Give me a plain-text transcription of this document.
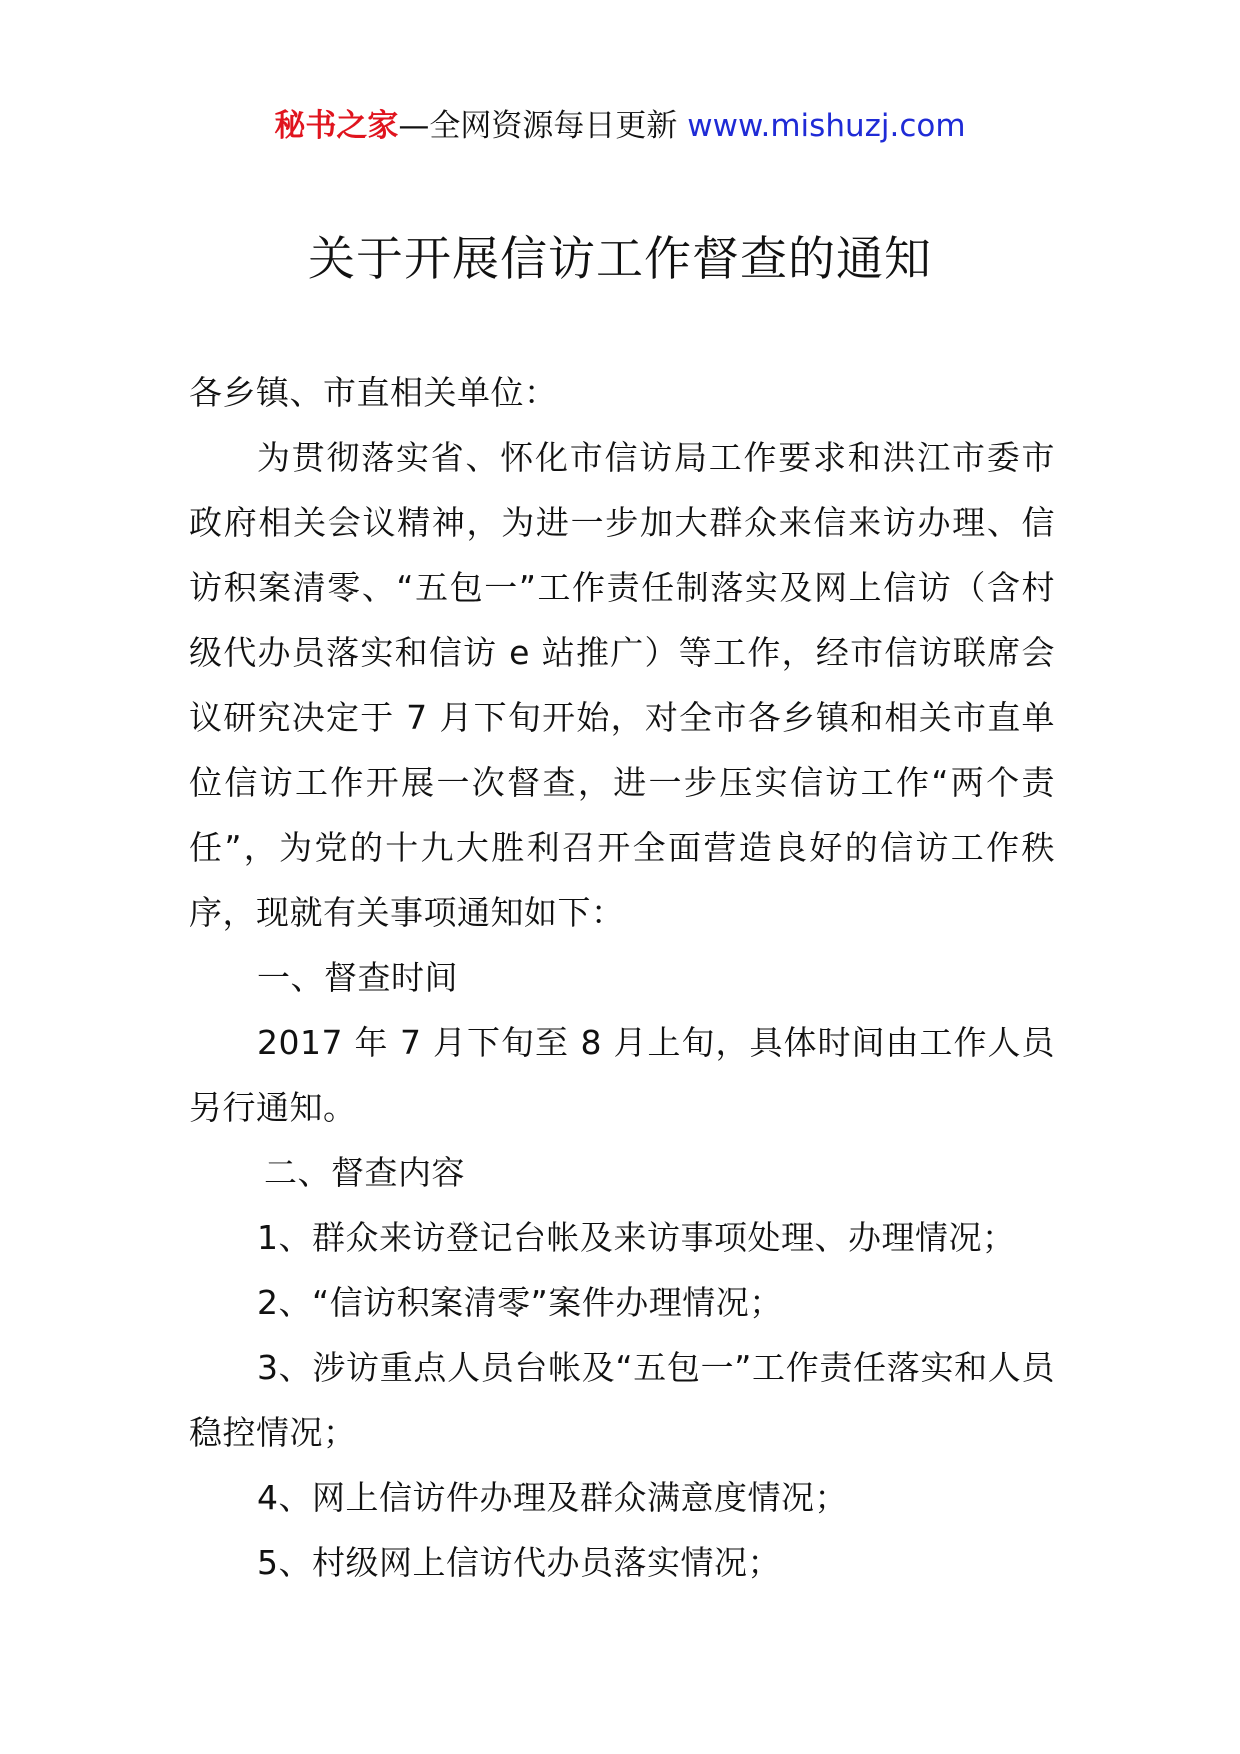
秘书之家—全网资源每日更新 www.mishuzj.com
关于开展信访工作督查的通知

各乡镇、市直相关单位：

为贯彻落实省、怀化市信访局工作要求和洪江市委市政府相关会议精神，为进一步加大群众来信来访办理、信访积案清零、“五包一”工作责任制落实及网上信访（含村级代办员落实和信访 e 站推广）等工作，经市信访联席会议研究决定于 7 月下旬开始，对全市各乡镇和相关市直单位信访工作开展一次督查，进一步压实信访工作“两个责任”，为党的十九大胜利召开全面营造良好的信访工作秩序，现就有关事项通知如下：

一、督查时间

2017 年 7 月下旬至 8 月上旬，具体时间由工作人员另行通知。

二、督查内容

1、群众来访登记台帐及来访事项处理、办理情况；

2、“信访积案清零”案件办理情况；

3、涉访重点人员台帐及“五包一”工作责任落实和人员稳控情况；

4、网上信访件办理及群众满意度情况；

5、村级网上信访代办员落实情况；
